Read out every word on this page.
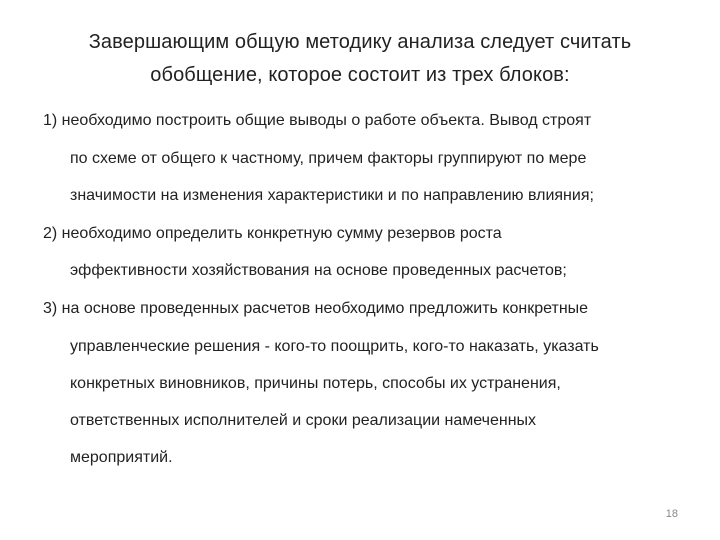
Завершающим общую методику анализа следует считать
обобщение, которое состоит из трех блоков:
1) необходимо построить общие выводы о работе объекта. Вывод строят
по схеме от общего к частному, причем факторы группируют по мере
значимости на изменения характеристики и по направлению влияния;
2) необходимо определить конкретную сумму резервов роста
эффективности хозяйствования на основе проведенных расчетов;
3) на основе проведенных расчетов необходимо предложить конкретные
управленческие решения - кого-то поощрить, кого-то наказать, указать
конкретных виновников, причины потерь, способы их устранения,
ответственных исполнителей и сроки реализации намеченных
мероприятий.
18
